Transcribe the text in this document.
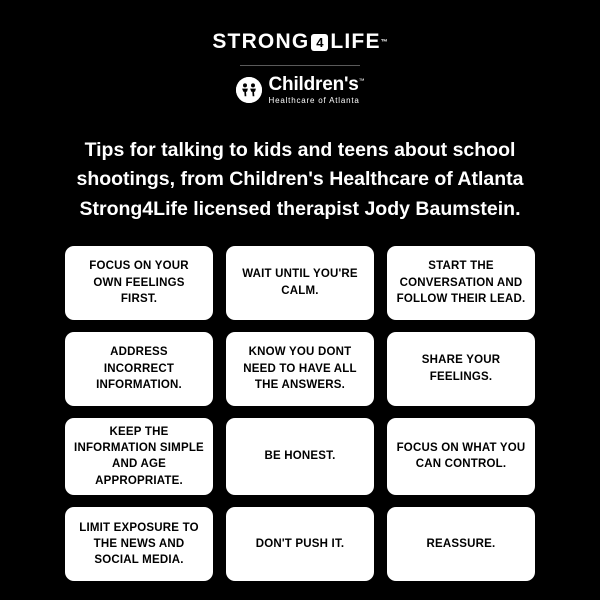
STRONG 4 LIFE ™
Children's™
Healthcare of Atlanta
Tips for talking to kids and teens about school shootings, from Children's Healthcare of Atlanta Strong4Life licensed therapist Jody Baumstein.
FOCUS ON YOUR OWN FEELINGS FIRST.
WAIT UNTIL YOU'RE CALM.
START THE CONVERSATION AND FOLLOW THEIR LEAD.
ADDRESS INCORRECT INFORMATION.
KNOW YOU DONT NEED TO HAVE ALL THE ANSWERS.
SHARE YOUR FEELINGS.
KEEP THE INFORMATION SIMPLE AND AGE APPROPRIATE.
BE HONEST.
FOCUS ON WHAT YOU CAN CONTROL.
LIMIT EXPOSURE TO THE NEWS AND SOCIAL MEDIA.
DON'T PUSH IT.	REASSURE.
